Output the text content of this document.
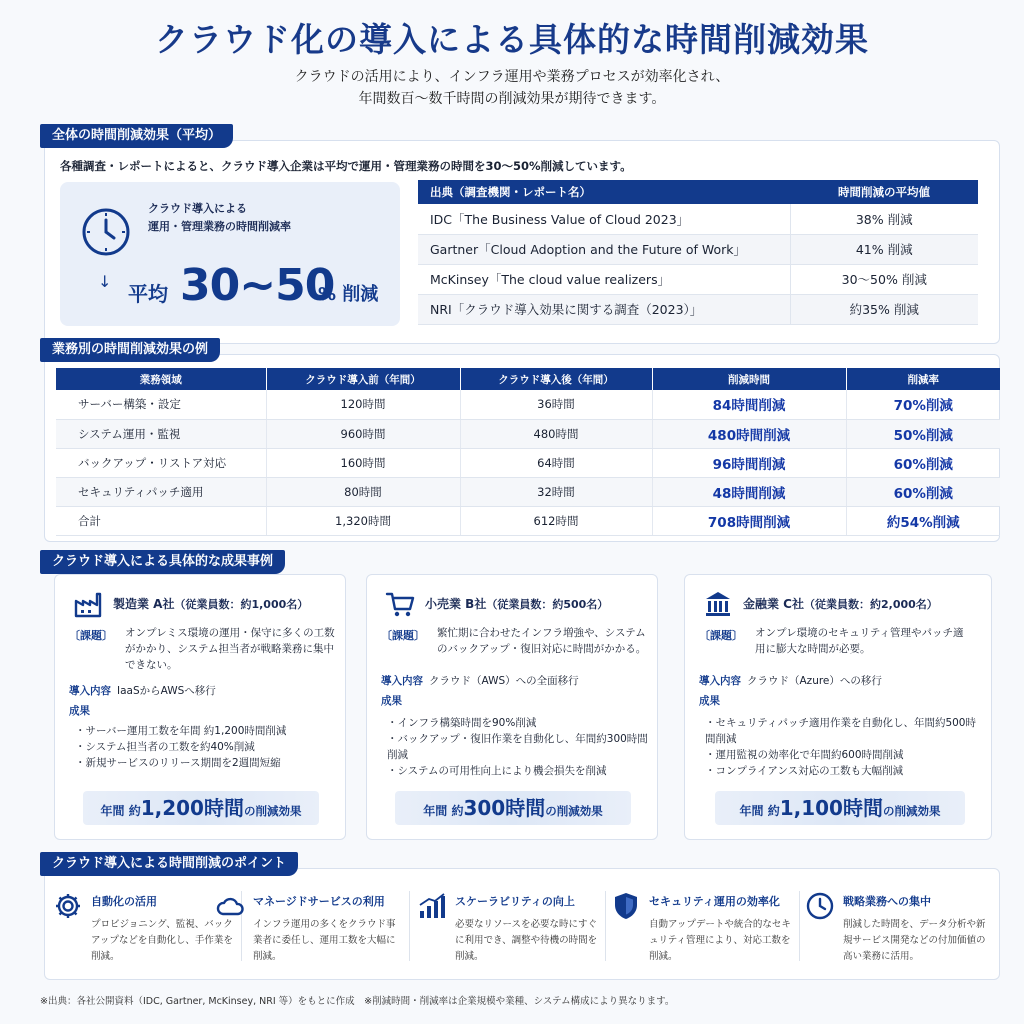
クラウド化の導入による具体的な時間削減効果
クラウドの活用により、インフラ運用や業務プロセスが効率化され、
年間数百〜数千時間の削減効果が期待できます。
全体の時間削減効果（平均）
各種調査・レポートによると、クラウド導入企業は平均で運用・管理業務の時間を30〜50%削減しています。
クラウド導入による
運用・管理業務の時間削減率
↓
平均 30~50
% 削減
出典（調査機関・レポート名）	時間削減の平均値
IDC「The Business Value of Cloud 2023」	38% 削減
Gartner「Cloud Adoption and the Future of Work」	41% 削減
McKinsey「The cloud value realizers」	30〜50% 削減
NRI「クラウド導入効果に関する調査（2023）」	約35% 削減
業務別の時間削減効果の例
業務領域	クラウド導入前（年間）	クラウド導入後（年間）	削減時間	削減率
サーバー構築・設定	120時間	36時間	84時間削減	70%削減
システム運用・監視	960時間	480時間	480時間削減	50%削減
バックアップ・リストア対応	160時間	64時間	96時間削減	60%削減
セキュリティパッチ適用	80時間	32時間	48時間削減	60%削減
合計	1,320時間	612時間	708時間削減	約54%削減
クラウド導入による具体的な成果事例
製造業 A社（従業員数：約1,000名）
〔課題〕 オンプレミス環境の運用・保守に多くの工数がかかり、システム担当者が戦略業務に集中できない。
導入内容 IaaSからAWSへ移行
成果
・ サーバー運用工数を年間 約1,200時間削減
・ システム担当者の工数を約40%削減
・ 新規サービスのリリース期間を2週間短縮
年間 約1,200時間の削減効果
小売業 B社（従業員数：約500名）
〔課題〕 繁忙期に合わせたインフラ増強や、システムのバックアップ・復旧対応に時間がかかる。
導入内容 クラウド（AWS）への全面移行
成果
・ インフラ構築時間を90%削減
・ バックアップ・復旧作業を自動化し、年間約300時間削減
・ システムの可用性向上により機会損失を削減
年間 約300時間の削減効果
金融業 C社（従業員数：約2,000名）
〔課題〕 オンプレ環境のセキュリティ管理やパッチ適用に膨大な時間が必要。
導入内容 クラウド（Azure）への移行
成果
・ セキュリティパッチ適用作業を自動化し、年間約500時間削減
・ 運用監視の効率化で年間約600時間削減
・ コンプライアンス対応の工数も大幅削減
年間 約1,100時間の削減効果
自動化の活用
プロビジョニング、監視、バックアップなどを自動化し、手作業を削減。
マネージドサービスの利用
インフラ運用の多くをクラウド事業者に委任し、運用工数を大幅に削減。
スケーラビリティの向上
必要なリソースを必要な時にすぐに利用でき、調整や待機の時間を削減。
セキュリティ運用の効率化
自動アップデートや統合的なセキュリティ管理により、対応工数を削減。
戦略業務への集中
削減した時間を、データ分析や新規サービス開発などの付加価値の高い業務に活用。
クラウド導入による時間削減のポイント
※出典：各社公開資料（IDC, Gartner, McKinsey, NRI 等）をもとに作成　※削減時間・削減率は企業規模や業種、システム構成により異なります。
